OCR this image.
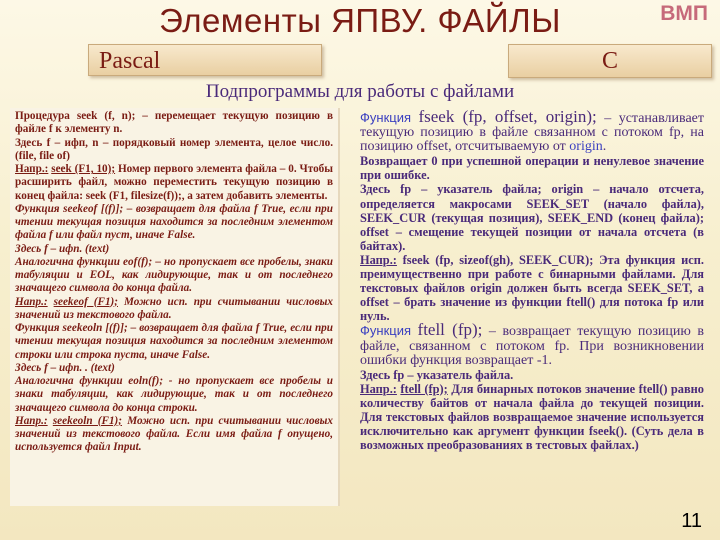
Элементы ЯПВУ. ФАЙЛЫ	ВМП
Pascal	C
Подпрограммы для работы с файлами

Процедура seek (f, n); – перемещает текущую позицию в файле f к элементу n.

Здесь f – ифп, n – порядковый номер элемента, целое число. (file, file of)

Напр.: seek (F1, 10); Номер первого элемента файла – 0. Чтобы расширить файл, можно переместить текущую позицию в конец файла: seek (F1, filesize(f));, а затем добавить элементы.

Функция seekeof [(f)]; – возвращает для файла f True, если при чтении текущая позиция находится за последним элементом файла f или файл пуст, иначе False.

Здесь f – ифп. (text)

Аналогична функции eof(f); – но пропускает все пробелы, знаки табуляции и EOL, как лидирующие, так и от последнего значащего символа до конца файла.

Напр.: seekeof (F1); Можно исп. при считывании числовых значений из текстового файла.

Функция seekeoln [(f)]; – возвращает для файла f True, если при чтении текущая позиция находится за последним элементом строки или строка пуста, иначе False.

Здесь f – ифп. . (text)

Аналогична функции eoln(f); - но пропускает все пробелы и знаки табуляции, как лидирующие, так и от последнего значащего символа до конца строки.

Напр.: seekeoln (F1); Можно исп. при считывании числовых значений из текстового файла. Если имя файла f опущено, используется файл Input.

Функция fseek (fp, offset, origin); – устанавливает текущую позицию в файле связанном с потоком fp, на позицию offset, отсчитываемую от origin.

Возвращает 0 при успешной операции и ненулевое значение при ошибке.

Здесь fp – указатель файла; origin – начало отсчета, определяется макросами SEEK_SET (начало файла), SEEK_CUR (текущая позиция), SEEK_END (конец файла); offset – смещение текущей позиции от начала отсчета (в байтах).

Напр.: fseek (fp, sizeof(gh), SEEK_CUR); Эта функция исп. преимущественно при работе с бинарными файлами. Для текстовых файлов origin должен быть всегда SEEK_SET, а offset – брать значение из функции ftell() для потока fp или нуль.

Функция ftell (fp); – возвращает текущую позицию в файле, связанном с потоком fp. При возникновении ошибки функция возвращает -1.

Здесь fp – указатель файла.

Напр.: ftell (fp); Для бинарных потоков значение ftell() равно количеству байтов от начала файла до текущей позиции. Для текстовых файлов возвращаемое значение используется исключительно как аргумент функции fseek(). (Суть дела в возможных преобразованиях в тестовых файлах.)

11
